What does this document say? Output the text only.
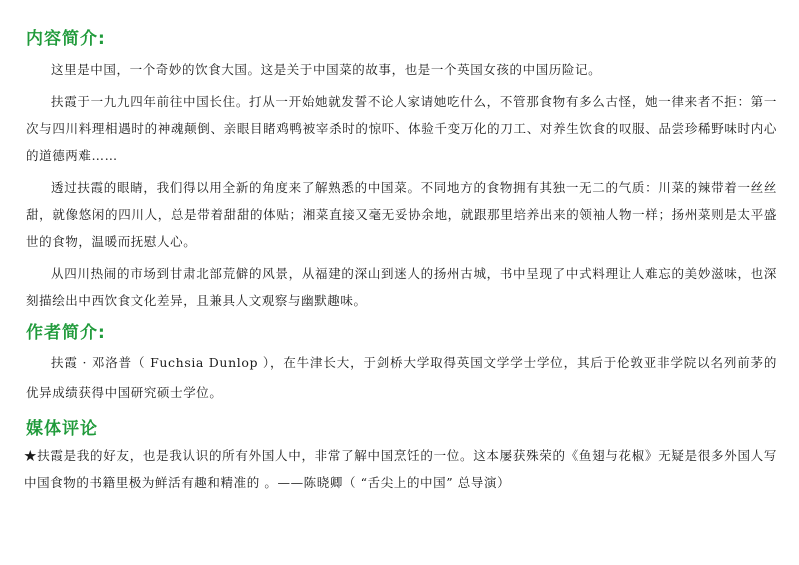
内容简介:

这里是中国，一个奇妙的饮食大国。这是关于中国菜的故事，也是一个英国女孩的中国历险记。

扶霞于一九九四年前往中国长住。打从一开始她就发誓不论人家请她吃什么，不管那食物有多么古怪，她一律来者不拒：第一次与四川料理相遇时的神魂颠倒、亲眼目睹鸡鸭被宰杀时的惊吓、体验千变万化的刀工、对养生饮食的叹服、品尝珍稀野味时内心的道德两难……

透过扶霞的眼睛，我们得以用全新的角度来了解熟悉的中国菜。不同地方的食物拥有其独一无二的气质：川菜的辣带着一丝丝甜，就像悠闲的四川人，总是带着甜甜的体贴；湘菜直接又毫无妥协余地，就跟那里培养出来的领袖人物一样；扬州菜则是太平盛世的食物，温暖而抚慰人心。

从四川热闹的市场到甘肃北部荒僻的风景，从福建的深山到迷人的扬州古城，书中呈现了中式料理让人难忘的美妙滋味，也深刻描绘出中西饮食文化差异，且兼具人文观察与幽默趣味。

作者简介:

扶霞 · 邓洛普（ Fuchsia Dunlop ），在牛津长大，于剑桥大学取得英国文学学士学位，其后于伦敦亚非学院以名列前茅的优异成绩获得中国研究硕士学位。

媒体评论

★扶霞是我的好友，也是我认识的所有外国人中，非常了解中国烹饪的一位。这本屡获殊荣的《鱼翅与花椒》无疑是很多外国人写中国食物的书籍里极为鲜活有趣和精准的 。——陈晓卿（ “舌尖上的中国” 总导演）
